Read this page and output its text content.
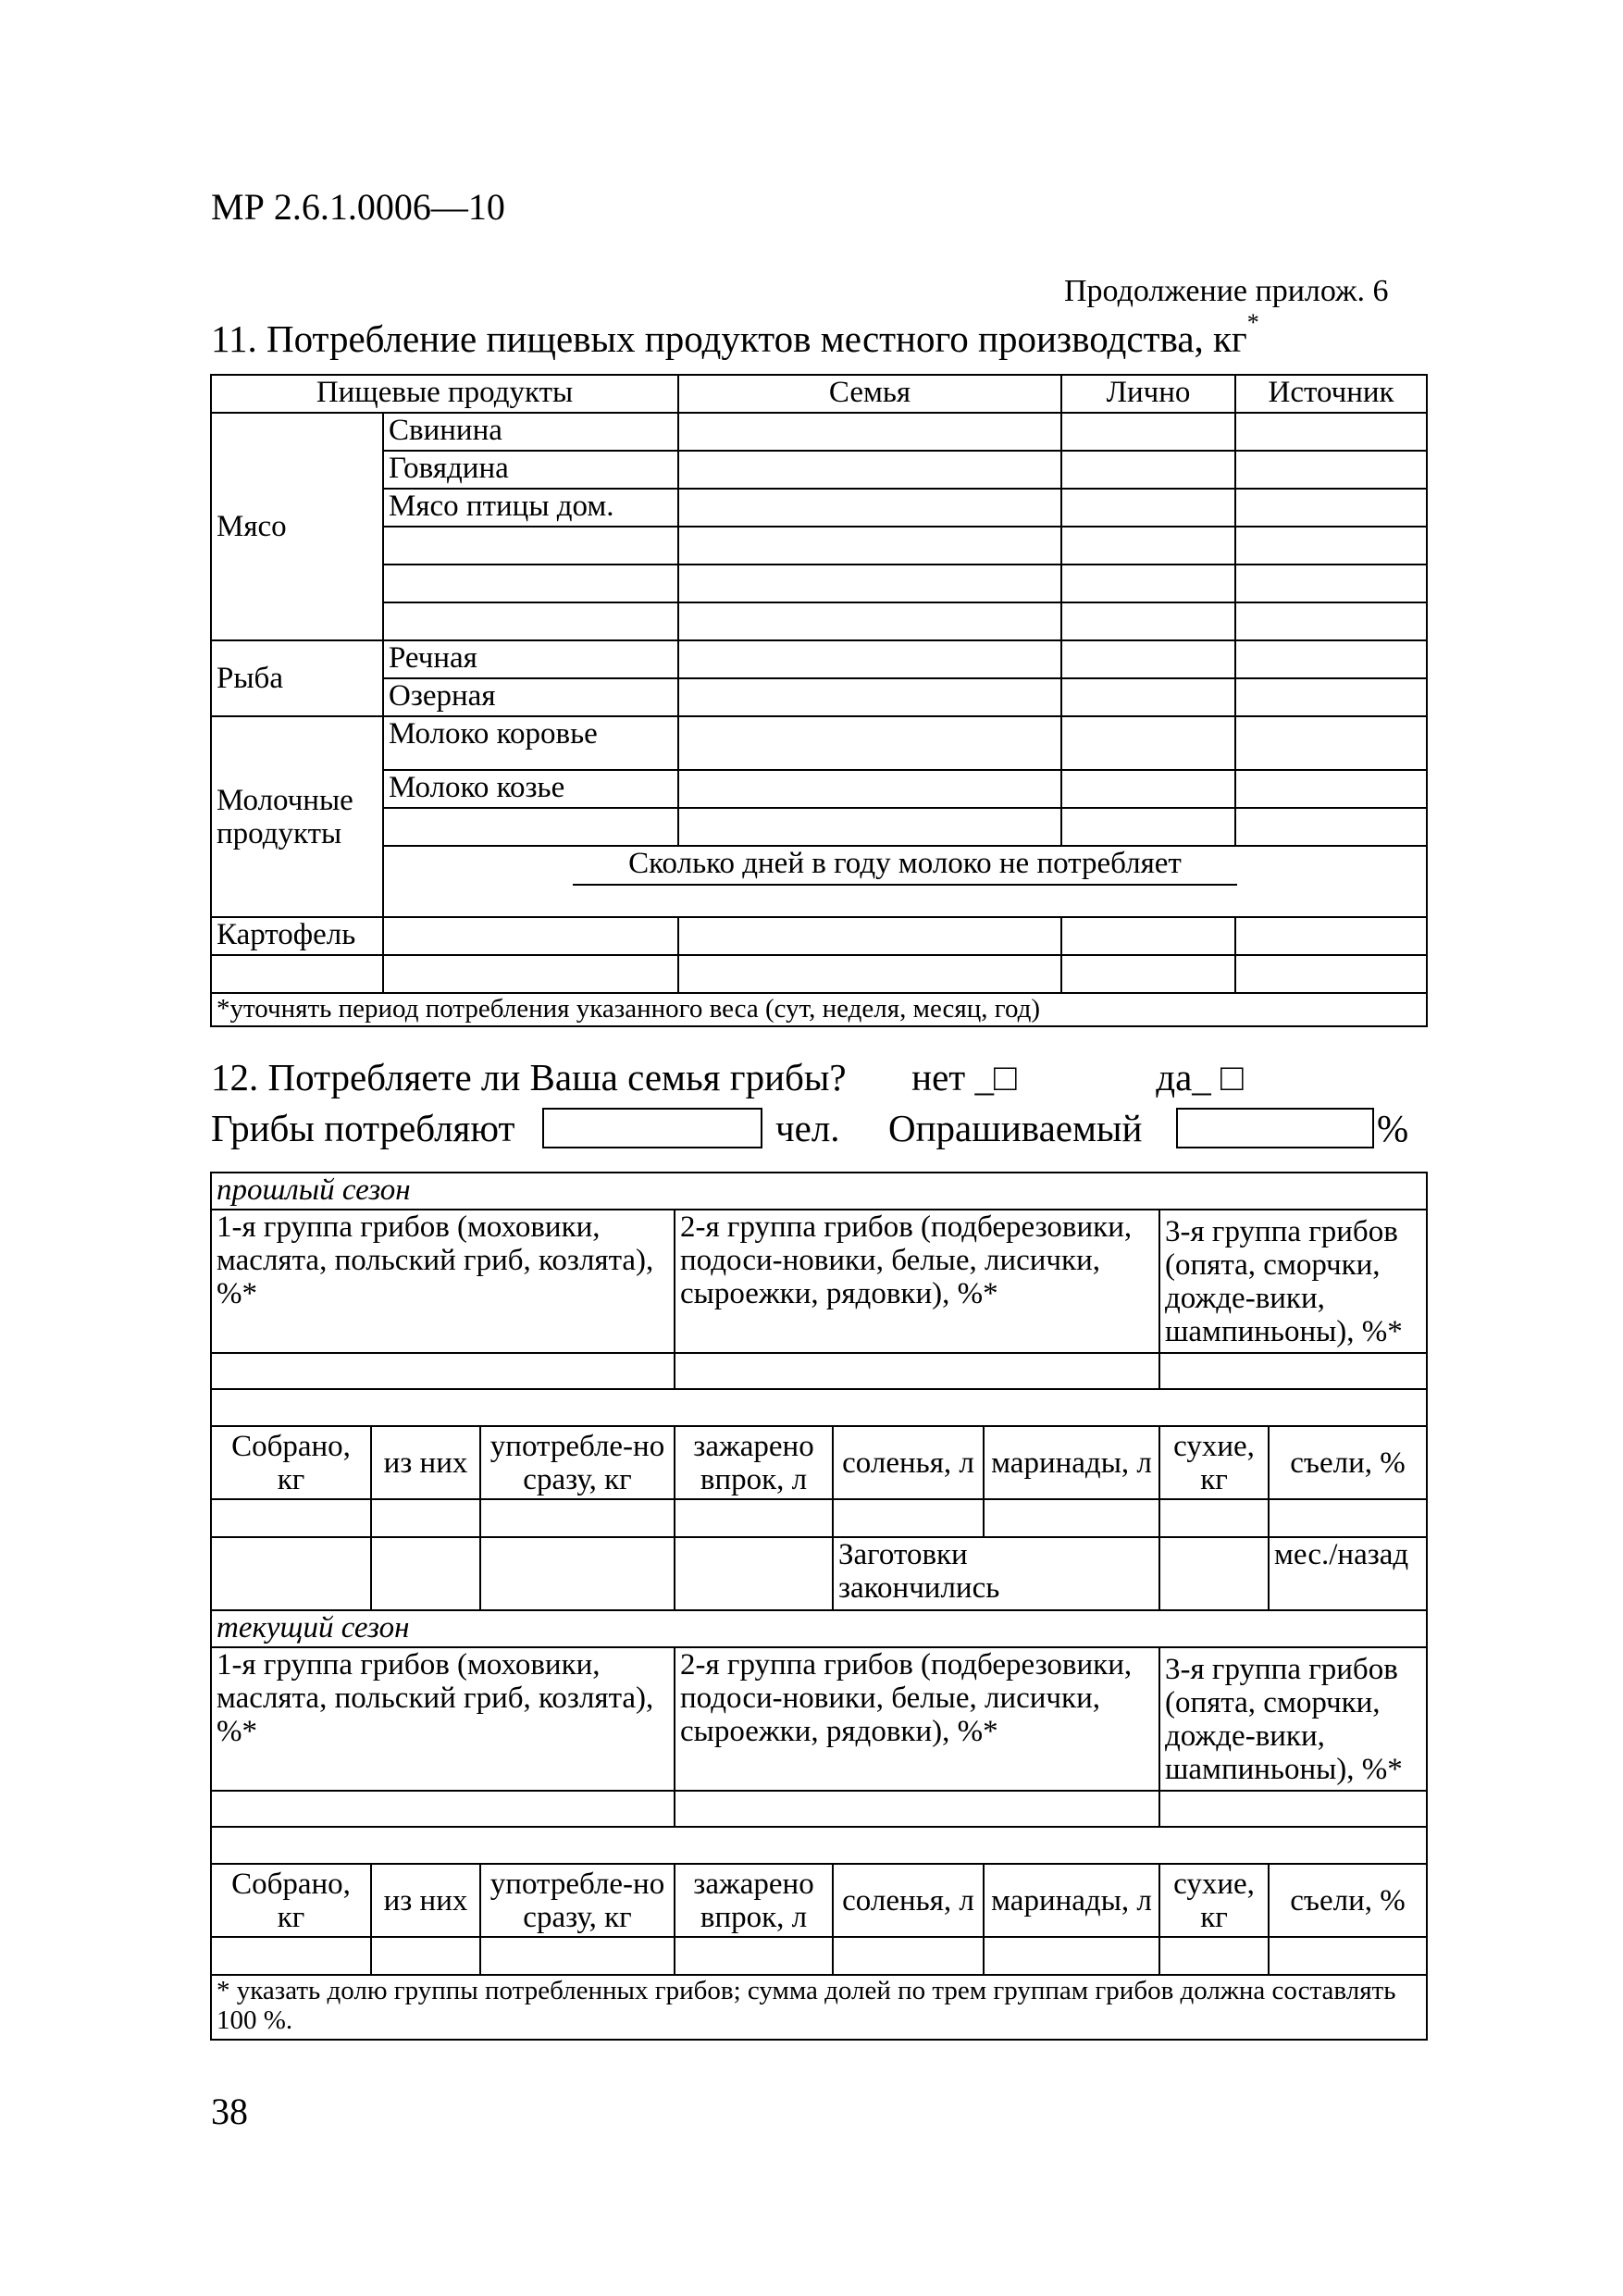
МР 2.6.1.0006—10
Продолжение прилож. 6
11. Потребление пищевых продуктов местного производства, кг*
Пищевые продукты		Семья	Лично	Источник
Мясо	Свинина			
	Говядина			
	Мясо птицы дом.			

Рыба	Речная			
	Озерная			
Молочные продукты	Молоко коровье			
	Молоко козье			

	Сколько дней в году молоко не потребляет			
Картофель				

*уточнять период потребления указанного веса (сут, неделя, месяц, год)				
12. Потребляете ли Ваша семья грибы? нет _□	да_ □
Грибы потребляют	чел. Опрашиваемый	%
прошлый сезон							
1-я группа грибов (моховики, маслята, польский гриб, козлята), %*			2-я группа грибов (подберезовики, подоси-новики, белые, лисички, сыроежки, рядовки), %*			3-я группа грибов (опята, сморчки, дожде-вики, шампиньоны), %*	

Собрано, кг	из них	употребле-но сразу, кг	зажарено впрок, л	соленья, л	маринады, л	сухие, кг	съели, %

				Заготовки закончились			мес./назад
текущий сезон							
1-я группа грибов (моховики, маслята, польский гриб, козлята), %*			2-я группа грибов (подберезовики, подоси-новики, белые, лисички, сыроежки, рядовки), %*			3-я группа грибов (опята, сморчки, дожде-вики, шампиньоны), %*	

Собрано, кг	из них	употребле-но сразу, кг	зажарено впрок, л	соленья, л	маринады, л	сухие, кг	съели, %

* указать долю группы потребленных грибов; сумма долей по трем группам грибов должна составлять 100 %.							
38
